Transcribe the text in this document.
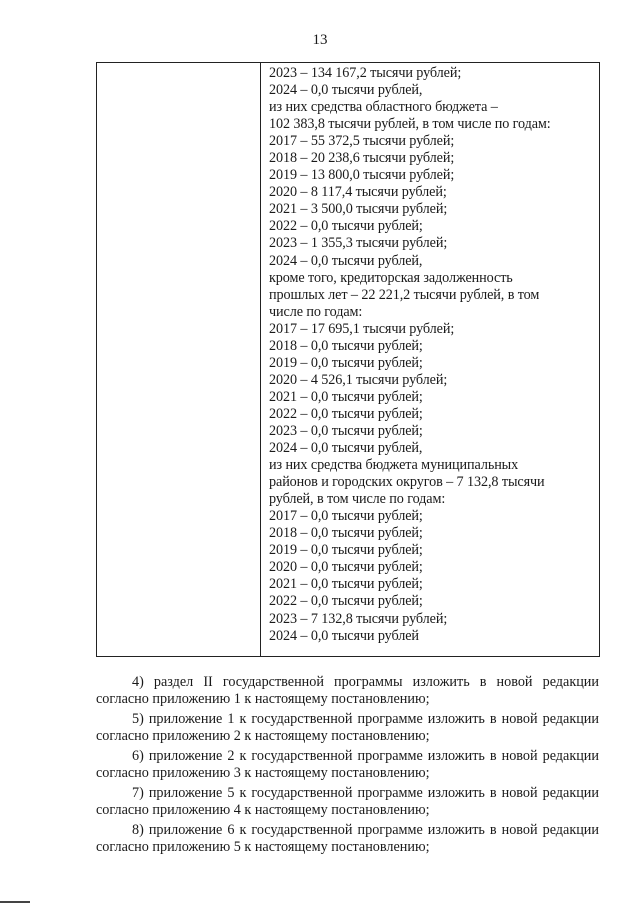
13
2023 – 134 167,2 тысячи рублей;
2024 – 0,0 тысячи рублей,
из них средства областного бюджета –
102 383,8 тысячи рублей, в том числе по годам:
2017 – 55 372,5 тысячи рублей;
2018 – 20 238,6 тысячи рублей;
2019 – 13 800,0 тысячи рублей;
2020 – 8 117,4 тысячи рублей;
2021 – 3 500,0 тысячи рублей;
2022 – 0,0 тысячи рублей;
2023 – 1 355,3 тысячи рублей;
2024 – 0,0 тысячи рублей,
кроме того, кредиторская задолженность
прошлых лет – 22 221,2 тысячи рублей, в том
числе по годам:
2017 – 17 695,1 тысячи рублей;
2018 – 0,0 тысячи рублей;
2019 – 0,0 тысячи рублей;
2020 – 4 526,1 тысячи рублей;
2021 – 0,0 тысячи рублей;
2022 – 0,0 тысячи рублей;
2023 – 0,0 тысячи рублей;
2024 – 0,0 тысячи рублей,
из них средства бюджета муниципальных
районов и городских округов – 7 132,8 тысячи
рублей, в том числе по годам:
2017 – 0,0 тысячи рублей;
2018 – 0,0 тысячи рублей;
2019 – 0,0 тысячи рублей;
2020 – 0,0 тысячи рублей;
2021 – 0,0 тысячи рублей;
2022 – 0,0 тысячи рублей;
2023 – 7 132,8 тысячи рублей;
2024 – 0,0 тысячи рублей

4) раздел II государственной программы изложить в новой редакции согласно приложению 1 к настоящему постановлению;

5) приложение 1 к государственной программе изложить в новой редакции согласно приложению 2 к настоящему постановлению;

6) приложение 2 к государственной программе изложить в новой редакции согласно приложению 3 к настоящему постановлению;

7) приложение 5 к государственной программе изложить в новой редакции согласно приложению 4 к настоящему постановлению;

8) приложение 6 к государственной программе изложить в новой редакции согласно приложению 5 к настоящему постановлению;
